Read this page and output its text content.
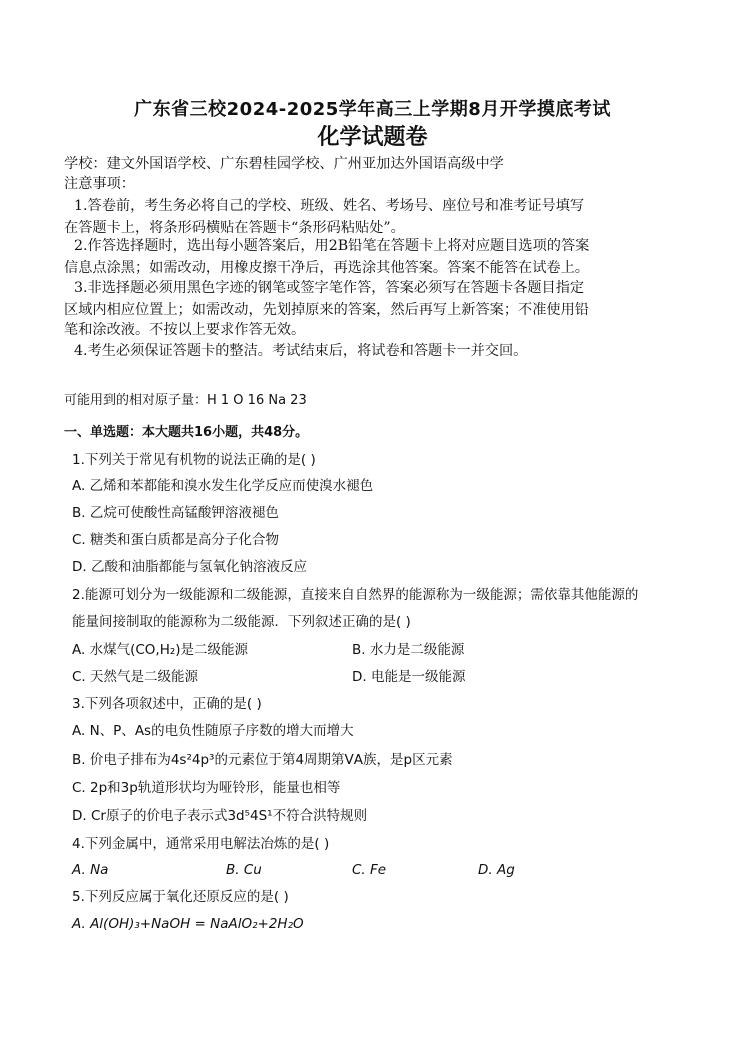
广东省三校2024-2025学年高三上学期8月开学摸底考试
化学试题卷
学校：建文外国语学校、广东碧桂园学校、广州亚加达外国语高级中学
注意事项：
1.答卷前，考生务必将自己的学校、班级、姓名、考场号、座位号和准考证号填写
在答题卡上，将条形码横贴在答题卡“条形码粘贴处”。
2.作答选择题时，选出每小题答案后，用2B铅笔在答题卡上将对应题目选项的答案
信息点涂黑；如需改动，用橡皮擦干净后，再选涂其他答案。答案不能答在试卷上。
3.非选择题必须用黑色字迹的钢笔或签字笔作答，答案必须写在答题卡各题目指定
区域内相应位置上；如需改动，先划掉原来的答案，然后再写上新答案；不准使用铅
笔和涂改液。不按以上要求作答无效。
4.考生必须保证答题卡的整洁。考试结束后，将试卷和答题卡一并交回。
可能用到的相对原子量：H 1 O 16 Na 23
一、单选题：本大题共16小题，共48分。
1.下列关于常见有机物的说法正确的是( )
A. 乙烯和苯都能和溴水发生化学反应而使溴水褪色
B. 乙烷可使酸性高锰酸钾溶液褪色
C. 糖类和蛋白质都是高分子化合物
D. 乙酸和油脂都能与氢氧化钠溶液反应
2.能源可划分为一级能源和二级能源，直接来自自然界的能源称为一级能源；需依靠其他能源的
能量间接制取的能源称为二级能源．下列叙述正确的是( )
A. 水煤气(CO,H₂)是二级能源	B. 水力是二级能源
C. 天然气是二级能源	D. 电能是一级能源
3.下列各项叙述中，正确的是( )
A. N、P、As的电负性随原子序数的增大而增大
B. 价电子排布为4s²4p³的元素位于第4周期第ⅤA族，是p区元素
C. 2p和3p轨道形状均为哑铃形，能量也相等
D. Cr原子的价电子表示式3d⁵4S¹不符合洪特规则
4.下列金属中，通常采用电解法冶炼的是( )
A. Na	B. Cu	C. Fe	D. Ag
5.下列反应属于氧化还原反应的是( )
A. Al(OH)₃+NaOH = NaAlO₂+2H₂O
